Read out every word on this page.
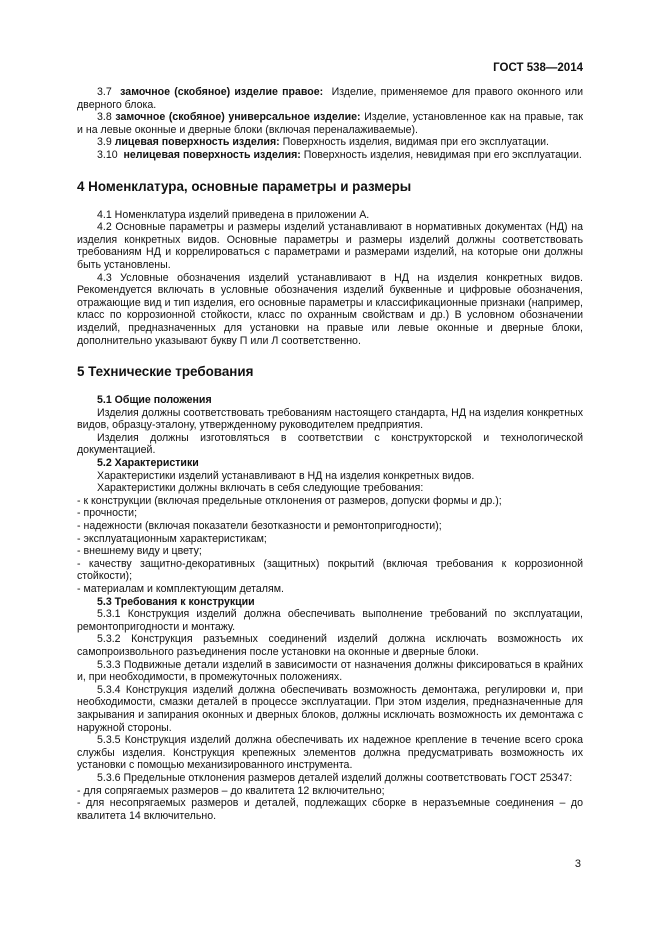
ГОСТ 538—2014

3.7 замочное (скобяное) изделие правое: Изделие, применяемое для правого оконного или дверного блока.

3.8 замочное (скобяное) универсальное изделие: Изделие, установленное как на правые, так и на левые оконные и дверные блоки (включая переналаживаемые).

3.9 лицевая поверхность изделия: Поверхность изделия, видимая при его эксплуатации.

3.10 нелицевая поверхность изделия: Поверхность изделия, невидимая при его эксплуатации.

4 Номенклатура, основные параметры и размеры

4.1 Номенклатура изделий приведена в приложении А.

4.2 Основные параметры и размеры изделий устанавливают в нормативных документах (НД) на изделия конкретных видов. Основные параметры и размеры изделий должны соответствовать требованиям НД и коррелироваться с параметрами и размерами изделий, на которые они должны быть установлены.

4.3 Условные обозначения изделий устанавливают в НД на изделия конкретных видов. Рекомендуется включать в условные обозначения изделий буквенные и цифровые обозначения, отражающие вид и тип изделия, его основные параметры и классификационные признаки (например, класс по коррозионной стойкости, класс по охранным свойствам и др.) В условном обозначении изделий, предназначенных для установки на правые или левые оконные и дверные блоки, дополнительно указывают букву П или Л соответственно.

5 Технические требования

5.1 Общие положения

Изделия должны соответствовать требованиям настоящего стандарта, НД на изделия конкретных видов, образцу-эталону, утвержденному руководителем предприятия.

Изделия должны изготовляться в соответствии с конструкторской и технологической документацией.

5.2 Характеристики

Характеристики изделий устанавливают в НД на изделия конкретных видов.

Характеристики должны включать в себя следующие требования:

- к конструкции (включая предельные отклонения от размеров, допуски формы и др.);

- прочности;

- надежности (включая показатели безотказности и ремонтопригодности);

- эксплуатационным характеристикам;

- внешнему виду и цвету;

- качеству защитно-декоративных (защитных) покрытий (включая требования к коррозионной стойкости);

- материалам и комплектующим деталям.

5.3 Требования к конструкции

5.3.1 Конструкция изделий должна обеспечивать выполнение требований по эксплуатации, ремонтопригодности и монтажу.

5.3.2 Конструкция разъемных соединений изделий должна исключать возможность их самопроизвольного разъединения после установки на оконные и дверные блоки.

5.3.3 Подвижные детали изделий в зависимости от назначения должны фиксироваться в крайних и, при необходимости, в промежуточных положениях.

5.3.4 Конструкция изделий должна обеспечивать возможность демонтажа, регулировки и, при необходимости, смазки деталей в процессе эксплуатации. При этом изделия, предназначенные для закрывания и запирания оконных и дверных блоков, должны исключать возможность их демонтажа с наружной стороны.

5.3.5 Конструкция изделий должна обеспечивать их надежное крепление в течение всего срока службы изделия. Конструкция крепежных элементов должна предусматривать возможность их установки с помощью механизированного инструмента.

5.3.6 Предельные отклонения размеров деталей изделий должны соответствовать ГОСТ 25347:

- для сопрягаемых размеров – до квалитета 12 включительно;

- для несопрягаемых размеров и деталей, подлежащих сборке в неразъемные соединения – до квалитета 14 включительно.

3
